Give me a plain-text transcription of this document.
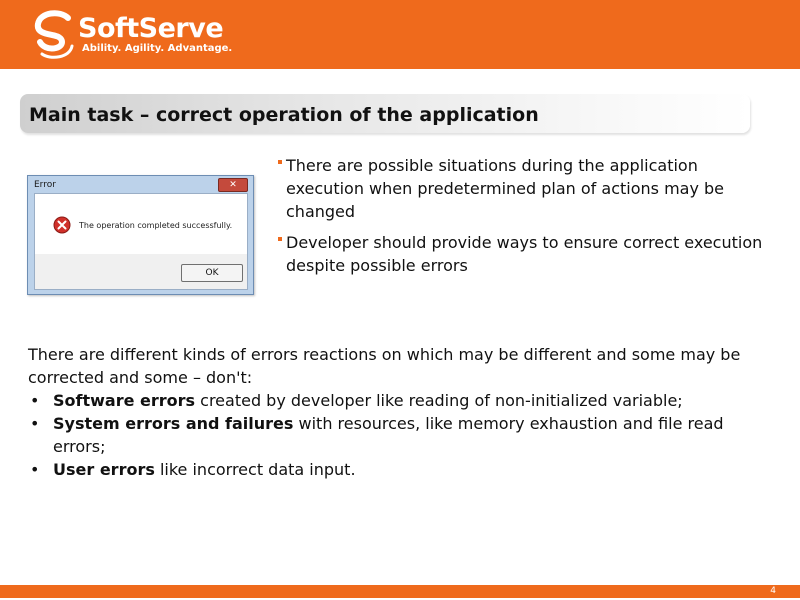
SoftServe
Ability. Agility. Advantage.
Main task – correct operation of the application
Error	✕
The operation completed successfully.
OK
There are possible situations during the application execution when predetermined plan of actions may be changed
Developer should provide ways to ensure correct execution despite possible errors
There are different kinds of errors reactions on which may be different and some may be corrected and some – don't:
• Software errors created by developer like reading of non-initialized variable;
• System errors and failures with resources, like memory exhaustion and file read errors;
• User errors like incorrect data input.
4
